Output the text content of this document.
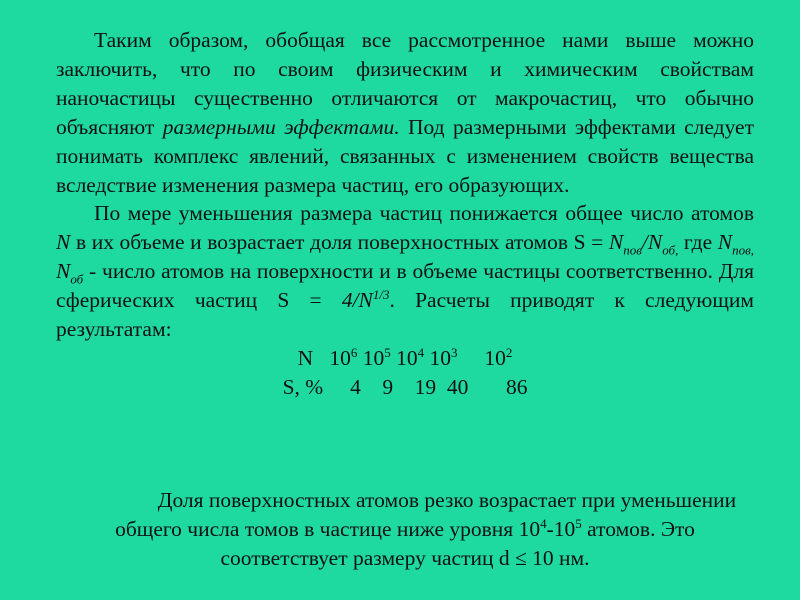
Таким образом, обобщая все рассмотренное нами выше можно заключить, что по своим физическим и химическим свойствам наночастицы существенно отличаются от макрочастиц, что обычно объясняют размерными эффектами. Под размерными эффектами следует понимать комплекс явлений, связанных с изменением свойств вещества вследствие изменения размера частиц, его образующих.

По мере уменьшения размера частиц понижается общее число атомов N в их объеме и возрастает доля поверхностных атомов $S = N_{пов}/N_{об,}$ где $N_{пов,}$ $N_{об}$ - число атомов на поверхности и в объеме частицы соответственно. Для сферических частиц $S = 4/N^{1/3}$. Расчеты приводят к следующим результатам:

N $10^6$ $10^5$ $10^4$ $10^3$ $10^2$

S, % 4 9 19 40 86

Доля поверхностных атомов резко возрастает при уменьшении общего числа томов в частице ниже уровня $10^4-10^5$ атомов. Это соответствует размеру частиц d ≤ 10 нм.
